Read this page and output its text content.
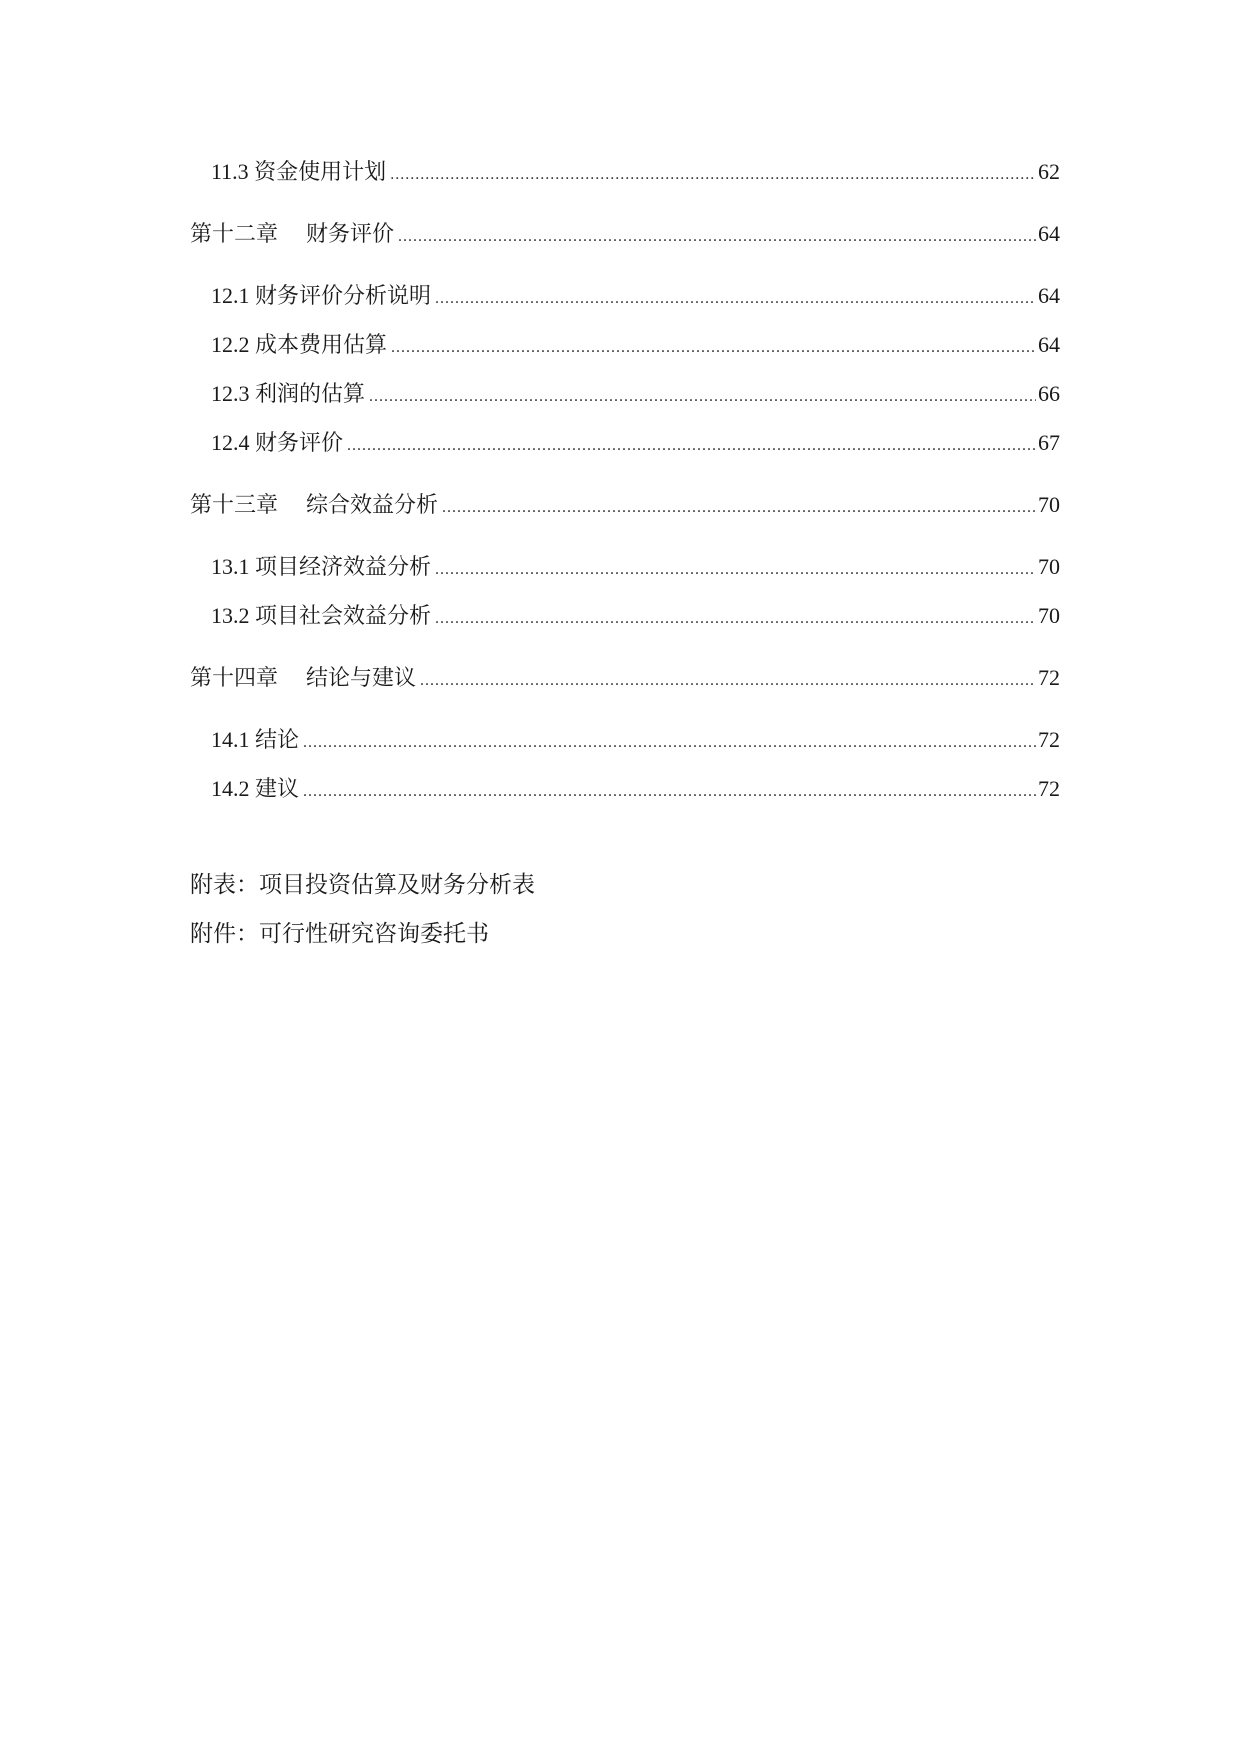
11.3 资金使用计划 .....	62
第十二章 财务评价 .....	64
12.1 财务评价分析说明 .....	64
12.2 成本费用估算 .....	64
12.3 利润的估算 .....	66
12.4 财务评价 .....	67
第十三章 综合效益分析 .....	70
13.1 项目经济效益分析 .....	70
13.2 项目社会效益分析 .....	70
第十四章 结论与建议 .....	72
14.1 结论 .....	72
14.2 建议 .....	72
附表：项目投资估算及财务分析表
附件：可行性研究咨询委托书
